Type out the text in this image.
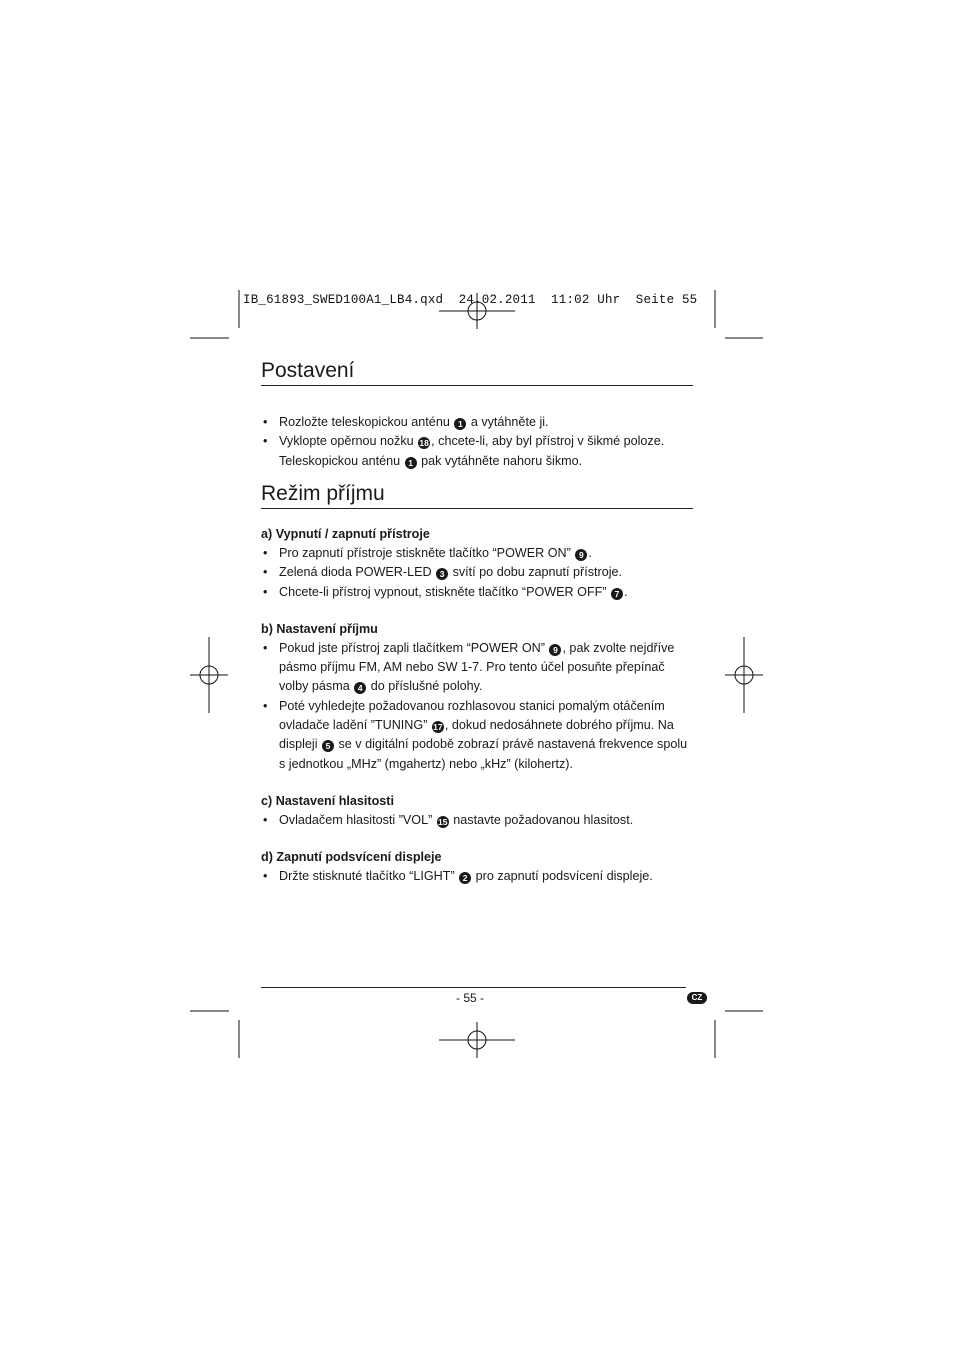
IB_61893_SWED100A1_LB4.qxd  24.02.2011  11:02 Uhr  Seite 55
Postavení
• Rozložte teleskopickou anténu 1 a vytáhněte ji.
• Vyklopte opěrnou nožku 18 , chcete-li, aby byl přístroj v šikmé poloze. Teleskopickou anténu 1 pak vytáhněte nahoru šikmo.
Režim příjmu

a) Vypnutí / zapnutí přístroje

• Pro zapnutí přístroje stiskněte tlačítko “POWER ON” 9 .
• Zelená dioda POWER-LED 3 svítí po dobu zapnutí přístroje.
• Chcete-li přístroj vypnout, stiskněte tlačítko “POWER OFF” 7 .

b) Nastavení příjmu

• Pokud jste přístroj zapli tlačítkem “POWER ON” 9 , pak zvolte nejdříve pásmo příjmu FM, AM nebo SW 1-7. Pro tento účel posuňte přepínač volby pásma 4 do příslušné polohy.
• Poté vyhledejte požadovanou rozhlasovou stanici pomalým otáčením ovladače ladění ”TUNING” 17 , dokud nedosáhnete dobrého příjmu. Na displeji 5 se v digitální podobě zobrazí právě nastavená frekvence spolu s jednotkou „MHz” (mgahertz) nebo „kHz” (kilohertz).

c) Nastavení hlasitosti

• Ovladačem hlasitosti ”VOL” 15 nastavte požadovanou hlasitost.

d) Zapnutí podsvícení displeje

• Držte stisknuté tlačítko “LIGHT” 2 pro zapnutí podsvícení displeje.
- 55 -	CZ
